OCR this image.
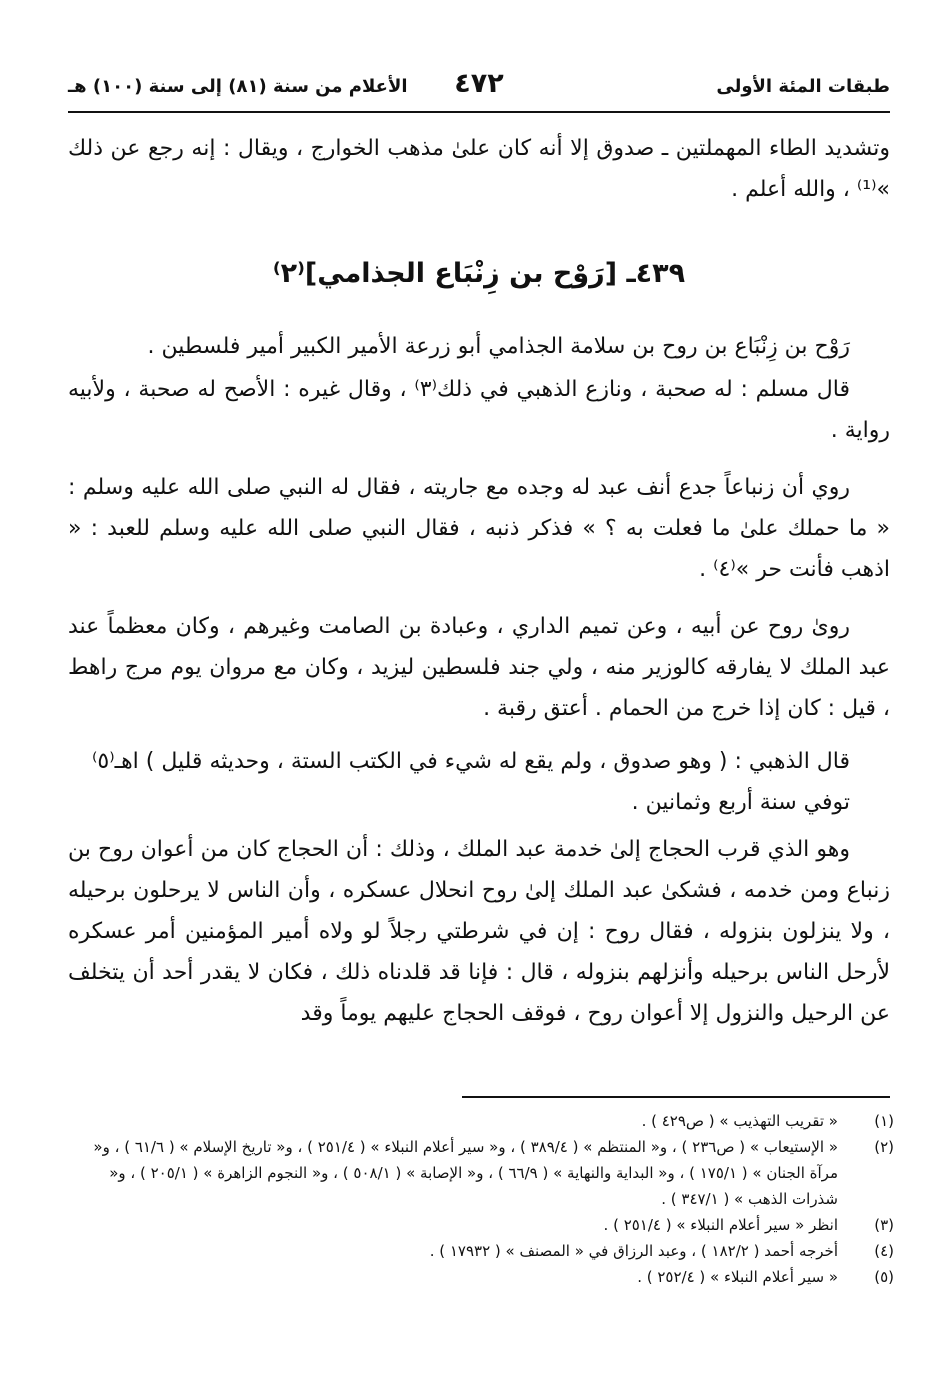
طبقات المئة الأولى
٤٧٢
الأعلام من سنة (٨١) إلى سنة (١٠٠) هـ

وتشديد الطاء المهملتين ـ صدوق إلا أنه كان علىٰ مذهب الخوارج ، ويقال : إنه رجع عن ذلك »⁽¹⁾ ، والله أعلم .

٤٣٩ـ [رَوْح بن زِنْبَاع الجذامي]⁽٢⁾

رَوْح بن زِنْبَاع بن روح بن سلامة الجذامي أبو زرعة الأمير الكبير أمير فلسطين .

قال مسلم : له صحبة ، ونازع الذهبي في ذلك⁽٣⁾ ، وقال غيره : الأصح له صحبة ، ولأبيه رواية .

روي أن زنباعاً جدع أنف عبد له وجده مع جاريته ، فقال له النبي صلى الله عليه وسلم : « ما حملك علىٰ ما فعلت به ؟ » فذكر ذنبه ، فقال النبي صلى الله عليه وسلم للعبد : « اذهب فأنت حر »⁽٤⁾ .

روىٰ روح عن أبيه ، وعن تميم الداري ، وعبادة بن الصامت وغيرهم ، وكان معظماً عند عبد الملك لا يفارقه كالوزير منه ، ولي جند فلسطين ليزيد ، وكان مع مروان يوم مرج راهط ، قيل : كان إذا خرج من الحمام . أعتق رقبة .

قال الذهبي : ( وهو صدوق ، ولم يقع له شيء في الكتب الستة ، وحديثه قليل ) اهـ⁽٥⁾

توفي سنة أربع وثمانين .

وهو الذي قرب الحجاج إلىٰ خدمة عبد الملك ، وذلك : أن الحجاج كان من أعوان روح بن زنباع ومن خدمه ، فشكىٰ عبد الملك إلىٰ روح انحلال عسكره ، وأن الناس لا يرحلون برحيله ، ولا ينزلون بنزوله ، فقال روح : إن في شرطتي رجلاً لو ولاه أمير المؤمنين أمر عسكره لأرحل الناس برحيله وأنزلهم بنزوله ، قال : فإنا قد قلدناه ذلك ، فكان لا يقدر أحد أن يتخلف عن الرحيل والنزول إلا أعوان روح ، فوقف الحجاج عليهم يوماً وقد

(١)
« تقريب التهذيب » ( ص٤٢٩ ) .
(٢)
« الإستيعاب » ( ص٢٣٦ ) ، و« المنتظم » ( ٣٨٩/٤ ) ، و« سير أعلام النبلاء » ( ٢٥١/٤ ) ، و« تاريخ الإسلام » ( ٦١/٦ ) ، و« مرآة الجنان » ( ١٧٥/١ ) ، و« البداية والنهاية » ( ٦٦/٩ ) ، و« الإصابة » ( ٥٠٨/١ ) ، و« النجوم الزاهرة » ( ٢٠٥/١ ) ، و« شذرات الذهب » ( ٣٤٧/١ ) .
(٣)
انظر « سير أعلام النبلاء » ( ٢٥١/٤ ) .
(٤)
أخرجه أحمد ( ١٨٢/٢ ) ، وعبد الرزاق في « المصنف » ( ١٧٩٣٢ ) .
(٥)
« سير أعلام النبلاء » ( ٢٥٢/٤ ) .
